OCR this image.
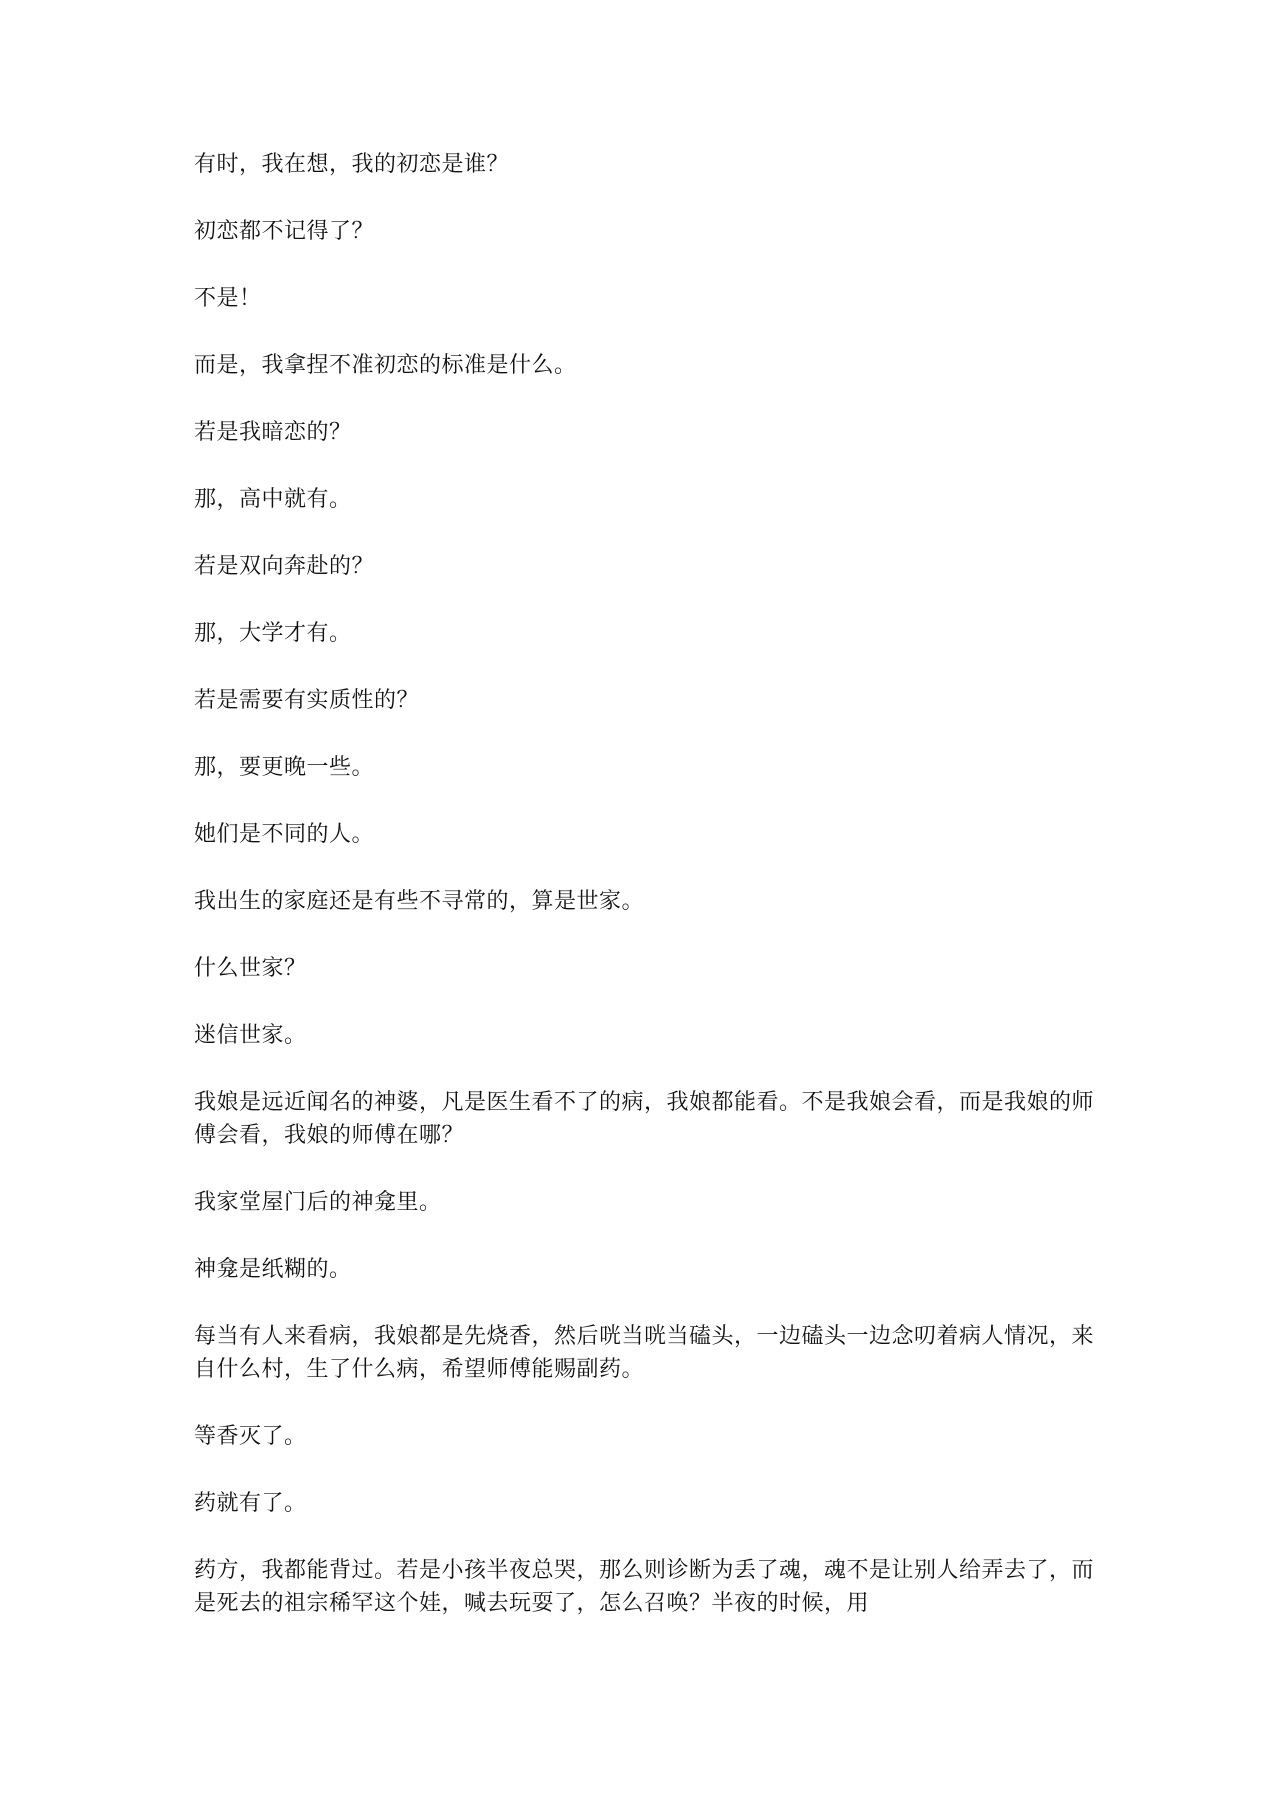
有时，我在想，我的初恋是谁？

初恋都不记得了？

不是！

而是，我拿捏不准初恋的标准是什么。

若是我暗恋的？

那，高中就有。

若是双向奔赴的？

那，大学才有。

若是需要有实质性的？

那，要更晚一些。

她们是不同的人。

我出生的家庭还是有些不寻常的，算是世家。

什么世家？

迷信世家。

我娘是远近闻名的神婆，凡是医生看不了的病，我娘都能看。不是我娘会看，而是我娘的师傅会看，我娘的师傅在哪？

我家堂屋门后的神龛里。

神龛是纸糊的。

每当有人来看病，我娘都是先烧香，然后咣当咣当磕头，一边磕头一边念叨着病人情况，来自什么村，生了什么病，希望师傅能赐副药。

等香灭了。

药就有了。

药方，我都能背过。若是小孩半夜总哭，那么则诊断为丢了魂，魂不是让别人给弄去了，而是死去的祖宗稀罕这个娃，喊去玩耍了，怎么召唤？半夜的时候，用
